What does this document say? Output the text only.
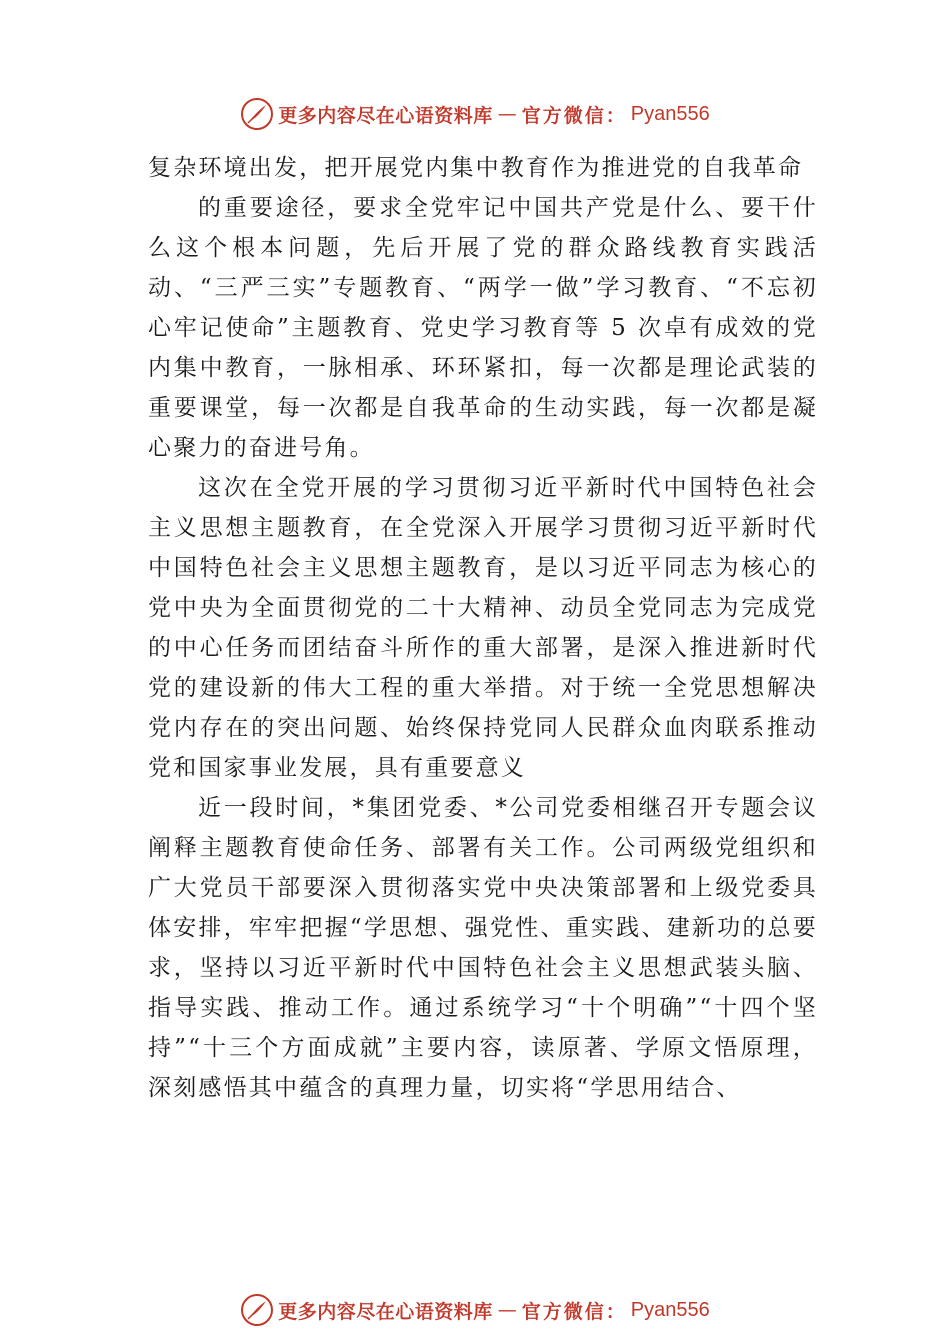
更多内容尽在心语资料库 — 官方微信： Pyan556

复杂环境出发，把开展党内集中教育作为推进党的自我革命

的重要途径，要求全党牢记中国共产党是什么、要干什么这个根本问题，先后开展了党的群众路线教育实践活动、“三严三实”专题教育、“两学一做”学习教育、“不忘初心牢记使命”主题教育、党史学习教育等 5 次卓有成效的党内集中教育，一脉相承、环环紧扣，每一次都是理论武装的重要课堂，每一次都是自我革命的生动实践，每一次都是凝心聚力的奋进号角。

这次在全党开展的学习贯彻习近平新时代中国特色社会主义思想主题教育，在全党深入开展学习贯彻习近平新时代中国特色社会主义思想主题教育，是以习近平同志为核心的党中央为全面贯彻党的二十大精神、动员全党同志为完成党的中心任务而团结奋斗所作的重大部署，是深入推进新时代党的建设新的伟大工程的重大举措。对于统一全党思想解决党内存在的突出问题、始终保持党同人民群众血肉联系推动党和国家事业发展，具有重要意义

近一段时间，*集团党委、*公司党委相继召开专题会议阐释主题教育使命任务、部署有关工作。公司两级党组织和广大党员干部要深入贯彻落实党中央决策部署和上级党委具体安排，牢牢把握“学思想、强党性、重实践、建新功的总要求，坚持以习近平新时代中国特色社会主义思想武装头脑、指导实践、推动工作。通过系统学习“十个明确”“十四个坚持”“十三个方面成就”主要内容，读原著、学原文悟原理，深刻感悟其中蕴含的真理力量，切实将“学思用结合、

更多内容尽在心语资料库 — 官方微信： Pyan556
